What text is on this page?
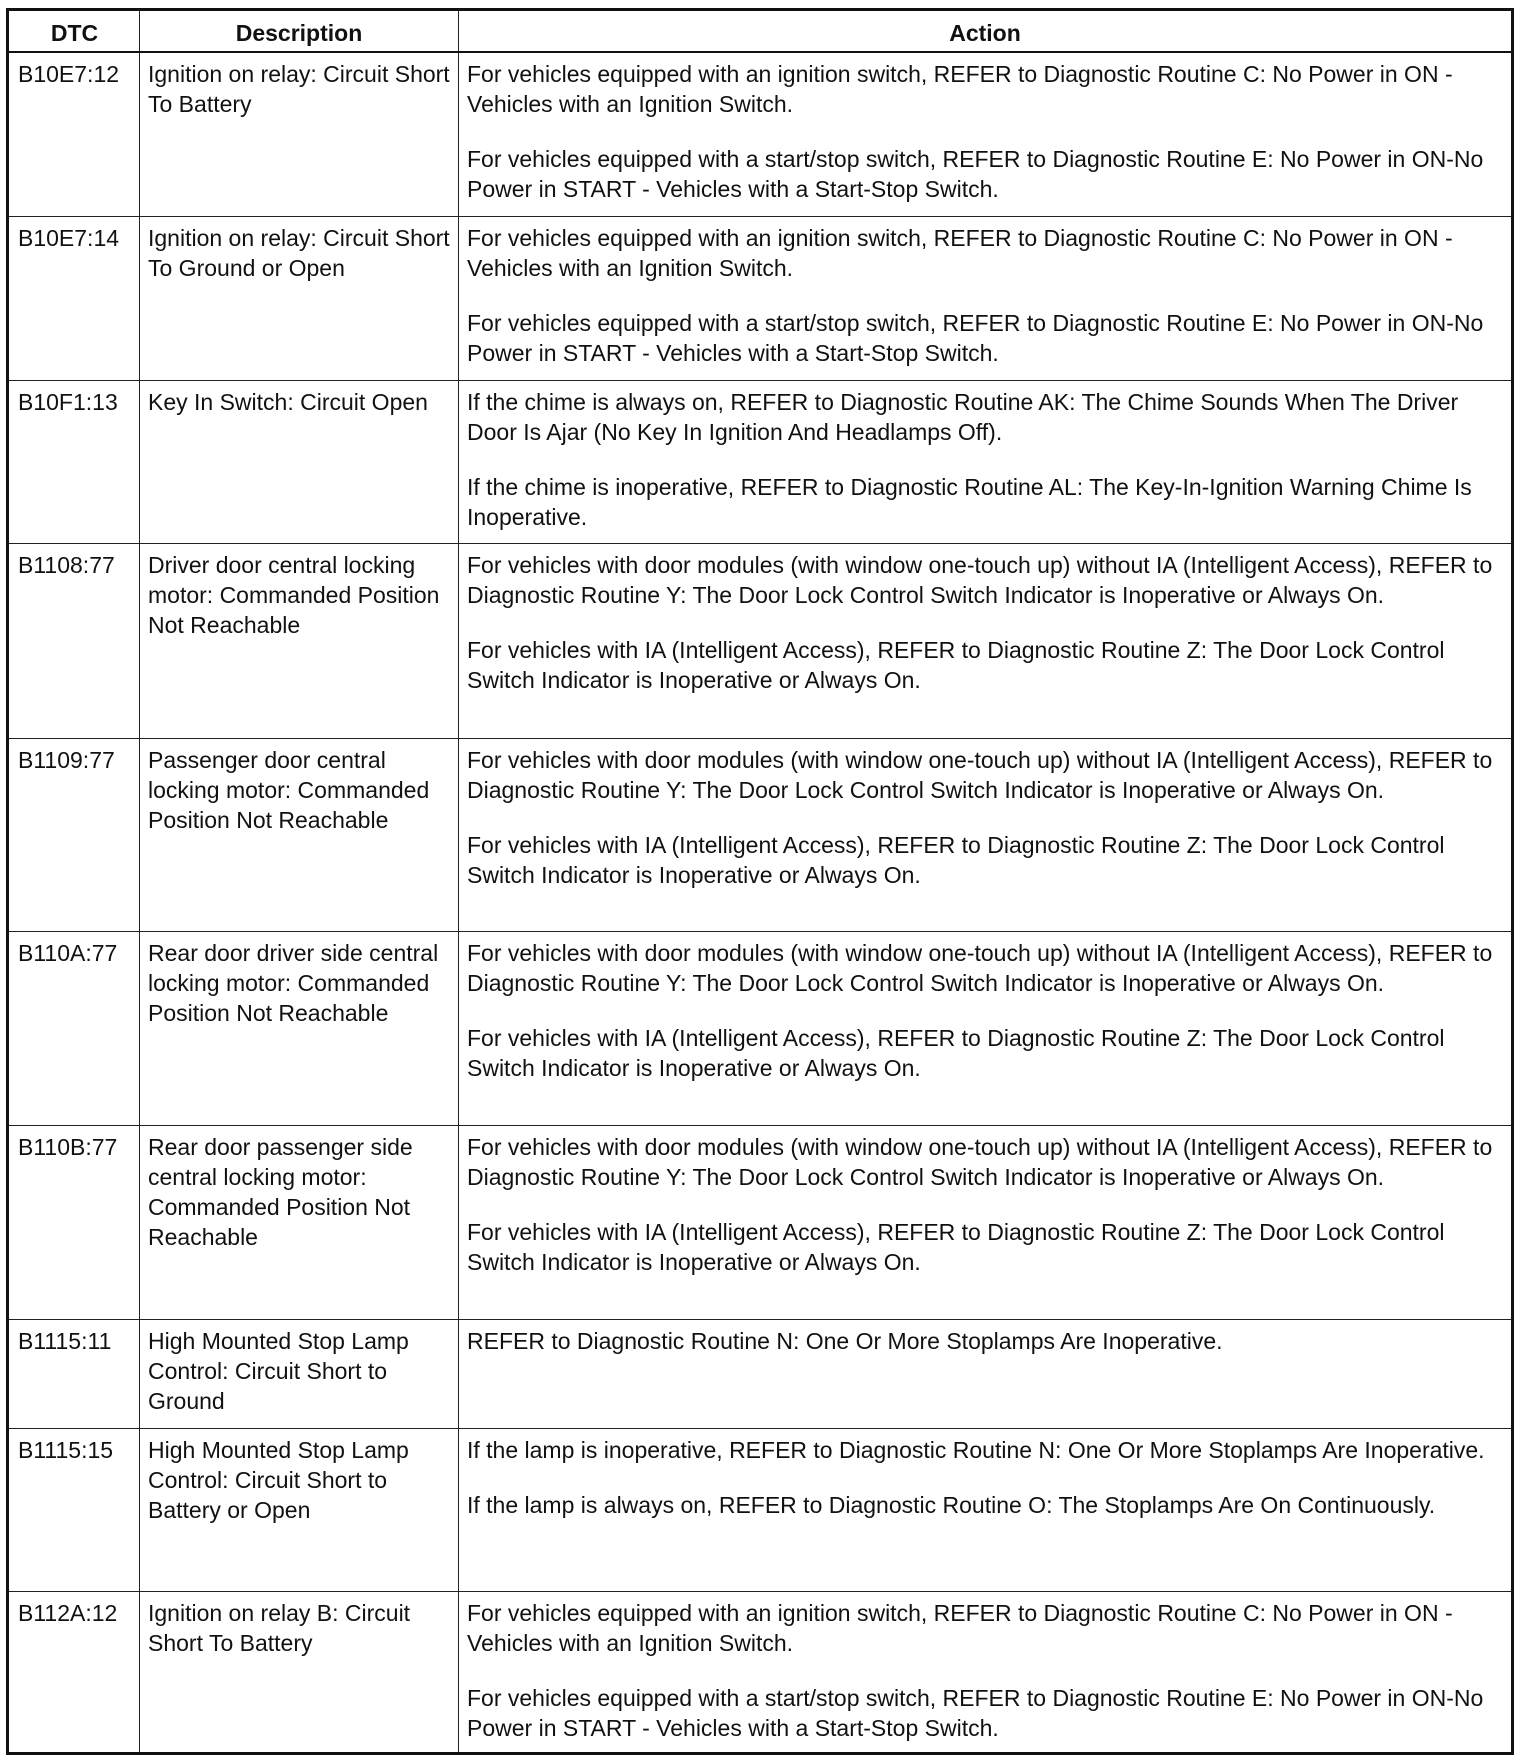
DTC	Description	Action
B10E7:12	Ignition on relay: Circuit Short To Battery	For vehicles equipped with an ignition switch, REFER to Diagnostic Routine C: No Power in ON - Vehicles with an Ignition Switch.

For vehicles equipped with a start/stop switch, REFER to Diagnostic Routine E: No Power in ON-No Power in START - Vehicles with a Start-Stop Switch.

B10E7:14	Ignition on relay: Circuit Short To Ground or Open	For vehicles equipped with an ignition switch, REFER to Diagnostic Routine C: No Power in ON - Vehicles with an Ignition Switch.

For vehicles equipped with a start/stop switch, REFER to Diagnostic Routine E: No Power in ON-No Power in START - Vehicles with a Start-Stop Switch.

B10F1:13	Key In Switch: Circuit Open	If the chime is always on, REFER to Diagnostic Routine AK: The Chime Sounds When The Driver Door Is Ajar (No Key In Ignition And Headlamps Off).

If the chime is inoperative, REFER to Diagnostic Routine AL: The Key-In-Ignition Warning Chime Is Inoperative.

B1108:77	Driver door central locking motor: Commanded Position Not Reachable	For vehicles with door modules (with window one-touch up) without IA (Intelligent Access), REFER to Diagnostic Routine Y: The Door Lock Control Switch Indicator is Inoperative or Always On.

For vehicles with IA (Intelligent Access), REFER to Diagnostic Routine Z: The Door Lock Control Switch Indicator is Inoperative or Always On.

B1109:77	Passenger door central locking motor: Commanded Position Not Reachable	For vehicles with door modules (with window one-touch up) without IA (Intelligent Access), REFER to Diagnostic Routine Y: The Door Lock Control Switch Indicator is Inoperative or Always On.

For vehicles with IA (Intelligent Access), REFER to Diagnostic Routine Z: The Door Lock Control Switch Indicator is Inoperative or Always On.

B110A:77	Rear door driver side central locking motor: Commanded Position Not Reachable	For vehicles with door modules (with window one-touch up) without IA (Intelligent Access), REFER to Diagnostic Routine Y: The Door Lock Control Switch Indicator is Inoperative or Always On.

For vehicles with IA (Intelligent Access), REFER to Diagnostic Routine Z: The Door Lock Control Switch Indicator is Inoperative or Always On.

B110B:77	Rear door passenger side central locking motor: Commanded Position Not Reachable	For vehicles with door modules (with window one-touch up) without IA (Intelligent Access), REFER to Diagnostic Routine Y: The Door Lock Control Switch Indicator is Inoperative or Always On.

For vehicles with IA (Intelligent Access), REFER to Diagnostic Routine Z: The Door Lock Control Switch Indicator is Inoperative or Always On.

B1115:11	High Mounted Stop Lamp Control: Circuit Short to Ground	REFER to Diagnostic Routine N: One Or More Stoplamps Are Inoperative.

B1115:15	High Mounted Stop Lamp Control: Circuit Short to Battery or Open	If the lamp is inoperative, REFER to Diagnostic Routine N: One Or More Stoplamps Are Inoperative.

If the lamp is always on, REFER to Diagnostic Routine O: The Stoplamps Are On Continuously.

B112A:12	Ignition on relay B: Circuit Short To Battery	For vehicles equipped with an ignition switch, REFER to Diagnostic Routine C: No Power in ON - Vehicles with an Ignition Switch.

For vehicles equipped with a start/stop switch, REFER to Diagnostic Routine E: No Power in ON-No Power in START - Vehicles with a Start-Stop Switch.
